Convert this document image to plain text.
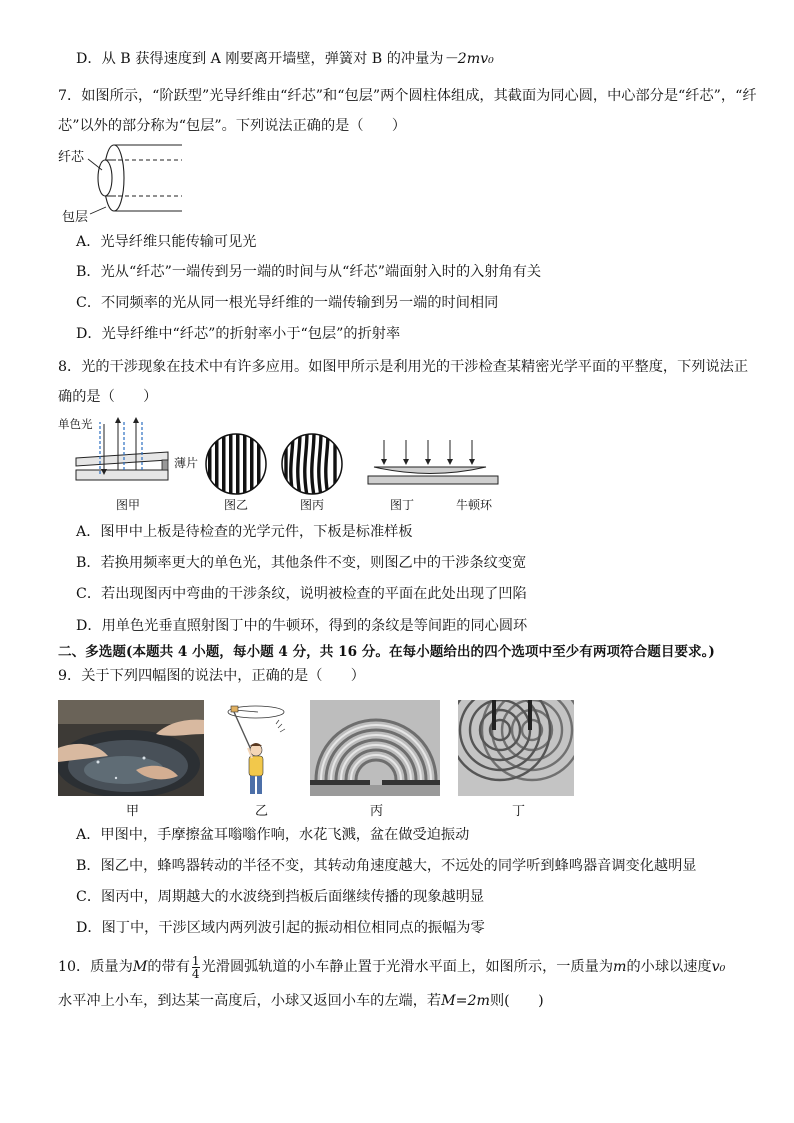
D．从 B 获得速度到 A 刚要离开墙壁，弹簧对 B 的冲量为－2mv₀
7．如图所示，“阶跃型”光导纤维由“纤芯”和“包层”两个圆柱体组成，其截面为同心圆，中心部分是“纤芯”，“纤
芯”以外的部分称为“包层”。下列说法正确的是（　　）
纤芯
包层
A．光导纤维只能传输可见光
B．光从“纤芯”一端传到另一端的时间与从“纤芯”端面射入时的入射角有关
C．不同频率的光从同一根光导纤维的一端传输到另一端的时间相同
D．光导纤维中“纤芯”的折射率小于“包层”的折射率
8．光的干涉现象在技术中有许多应用。如图甲所示是利用光的干涉检查某精密光学平面的平整度，下列说法正
确的是（　　）
单色光
薄片
图甲	图乙	图丙	图丁	牛顿环
A．图甲中上板是待检查的光学元件，下板是标准样板
B．若换用频率更大的单色光，其他条件不变，则图乙中的干涉条纹变宽
C．若出现图丙中弯曲的干涉条纹，说明被检查的平面在此处出现了凹陷
D．用单色光垂直照射图丁中的牛顿环，得到的条纹是等间距的同心圆环
二、多选题(本题共 4 小题，每小题 4 分，共 16 分。在每小题给出的四个选项中至少有两项符合题目要求。)
9．关于下列四幅图的说法中，正确的是（　　）
甲	乙	丙	丁
A．甲图中，手摩擦盆耳嗡嗡作响，水花飞溅，盆在做受迫振动
B．图乙中，蜂鸣器转动的半径不变，其转动角速度越大，不远处的同学听到蜂鸣器音调变化越明显
C．图丙中，周期越大的水波绕到挡板后面继续传播的现象越明显
D．图丁中，干涉区域内两列波引起的振动相位相同点的振幅为零
10．质量为M的带有 $\frac{1}{4}$ 光滑圆弧轨道的小车静止置于光滑水平面上，如图所示，一质量为m的小球以速度v₀
水平冲上小车，到达某一高度后，小球又返回小车的左端，若M=2m则(　　)
